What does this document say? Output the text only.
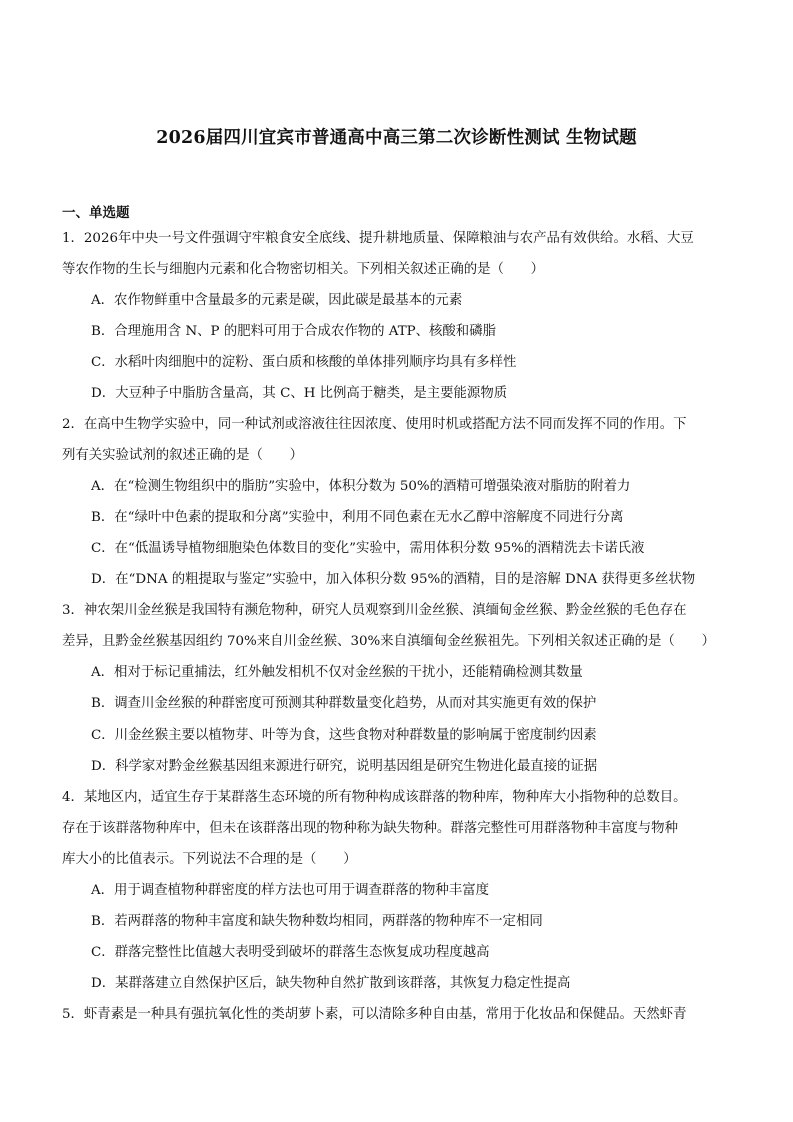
2026届四川宜宾市普通高中高三第二次诊断性测试 生物试题
一、单选题
1．2026年中央一号文件强调守牢粮食安全底线、提升耕地质量、保障粮油与农产品有效供给。水稻、大豆
等农作物的生长与细胞内元素和化合物密切相关。下列相关叙述正确的是（　　）
A．农作物鲜重中含量最多的元素是碳，因此碳是最基本的元素
B．合理施用含 N、P 的肥料可用于合成农作物的 ATP、核酸和磷脂
C．水稻叶肉细胞中的淀粉、蛋白质和核酸的单体排列顺序均具有多样性
D．大豆种子中脂肪含量高，其 C、H 比例高于糖类，是主要能源物质
2．在高中生物学实验中，同一种试剂或溶液往往因浓度、使用时机或搭配方法不同而发挥不同的作用。下
列有关实验试剂的叙述正确的是（　　）
A．在“检测生物组织中的脂肪”实验中，体积分数为 50%的酒精可增强染液对脂肪的附着力
B．在“绿叶中色素的提取和分离”实验中，利用不同色素在无水乙醇中溶解度不同进行分离
C．在“低温诱导植物细胞染色体数目的变化”实验中，需用体积分数 95%的酒精洗去卡诺氏液
D．在“DNA 的粗提取与鉴定”实验中，加入体积分数 95%的酒精，目的是溶解 DNA 获得更多丝状物
3．神农架川金丝猴是我国特有濒危物种，研究人员观察到川金丝猴、滇缅甸金丝猴、黔金丝猴的毛色存在
差异，且黔金丝猴基因组约 70%来自川金丝猴、30%来自滇缅甸金丝猴祖先。下列相关叙述正确的是（　　）
A．相对于标记重捕法，红外触发相机不仅对金丝猴的干扰小，还能精确检测其数量
B．调查川金丝猴的种群密度可预测其种群数量变化趋势，从而对其实施更有效的保护
C．川金丝猴主要以植物芽、叶等为食，这些食物对种群数量的影响属于密度制约因素
D．科学家对黔金丝猴基因组来源进行研究，说明基因组是研究生物进化最直接的证据
4．某地区内，适宜生存于某群落生态环境的所有物种构成该群落的物种库，物种库大小指物种的总数目。
存在于该群落物种库中，但未在该群落出现的物种称为缺失物种。群落完整性可用群落物种丰富度与物种
库大小的比值表示。下列说法不合理的是（　　）
A．用于调查植物种群密度的样方法也可用于调查群落的物种丰富度
B．若两群落的物种丰富度和缺失物种数均相同，两群落的物种库不一定相同
C．群落完整性比值越大表明受到破坏的群落生态恢复成功程度越高
D．某群落建立自然保护区后，缺失物种自然扩散到该群落，其恢复力稳定性提高
5．虾青素是一种具有强抗氧化性的类胡萝卜素，可以清除多种自由基，常用于化妆品和保健品。天然虾青
